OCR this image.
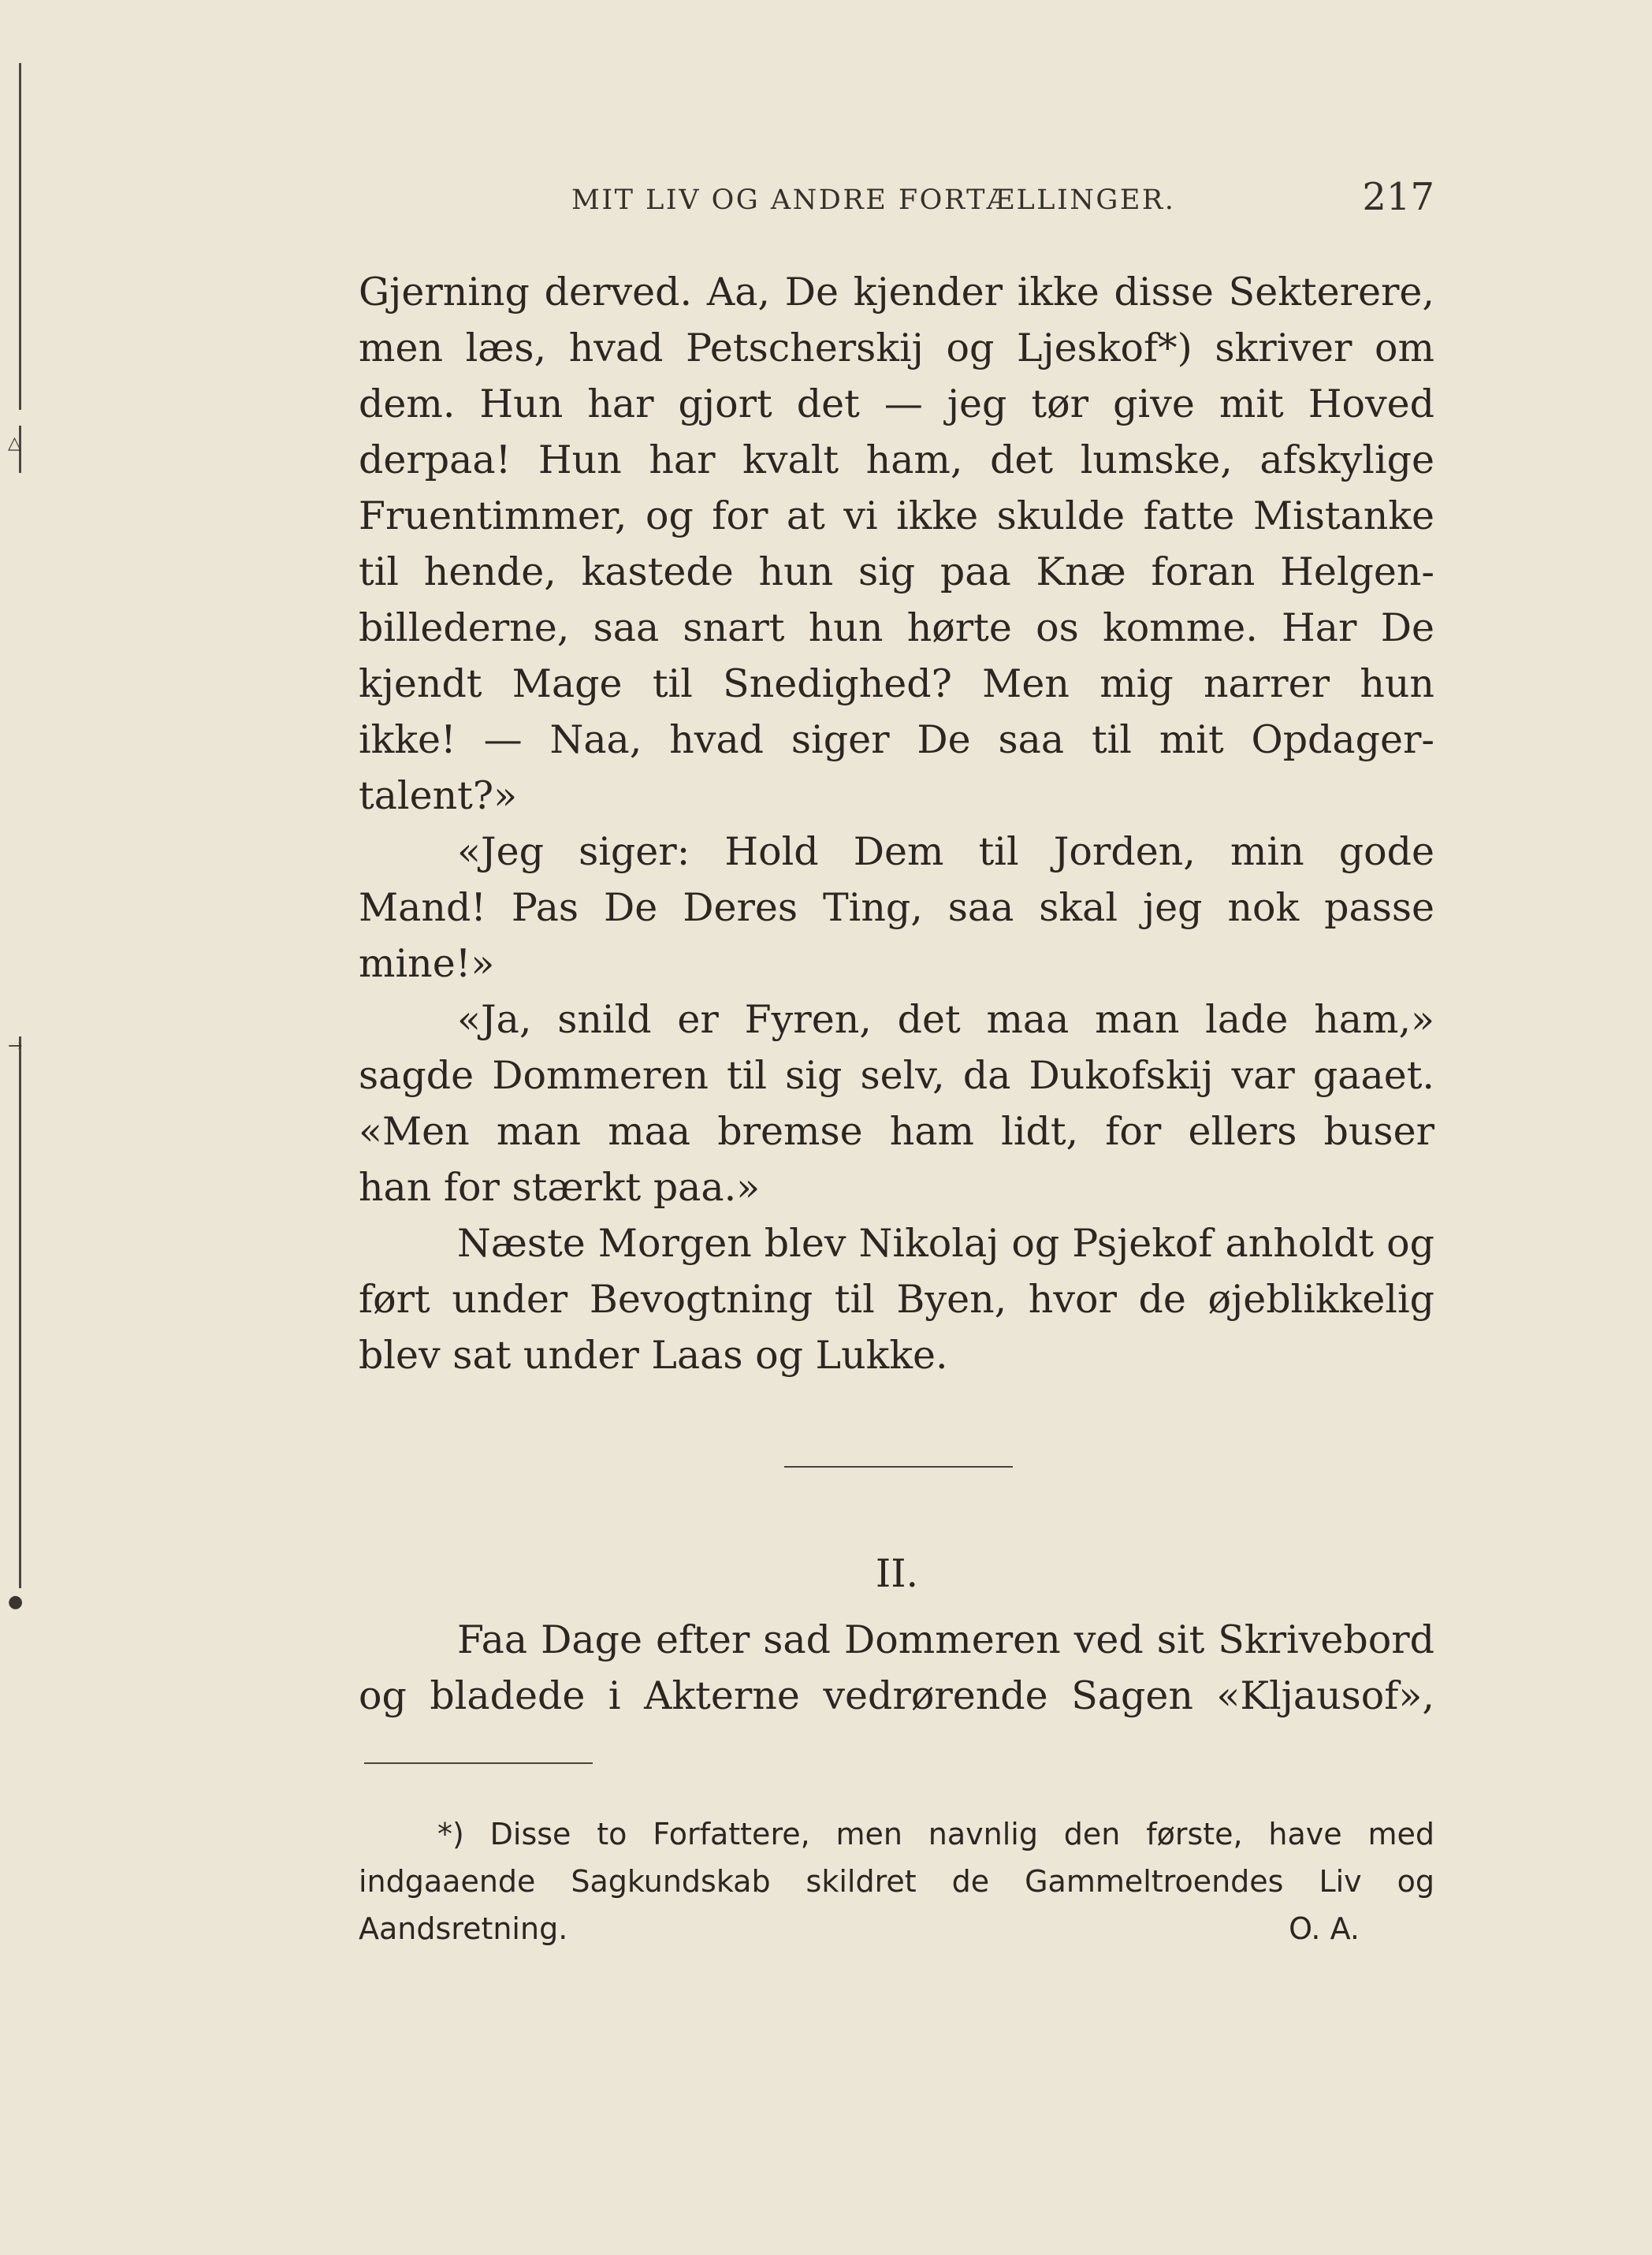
△
→
●
MIT LIV OG ANDRE FORTÆLLINGER.	217
Gjerning derved. Aa, De kjender ikke disse Sekterere,
men læs, hvad Petscherskij og Ljeskof*) skriver om
dem. Hun har gjort det — jeg tør give mit Hoved
derpaa! Hun har kvalt ham, det lumske, afskylige
Fruentimmer, og for at vi ikke skulde fatte Mistanke
til hende, kastede hun sig paa Knæ foran Helgen-
billederne, saa snart hun hørte os komme. Har De
kjendt Mage til Snedighed? Men mig narrer hun
ikke! — Naa, hvad siger De saa til mit Opdager-
talent?»
«Jeg siger: Hold Dem til Jorden, min gode
Mand! Pas De Deres Ting, saa skal jeg nok passe
mine!»
«Ja, snild er Fyren, det maa man lade ham,»
sagde Dommeren til sig selv, da Dukofskij var gaaet.
«Men man maa bremse ham lidt, for ellers buser
han for stærkt paa.»
Næste Morgen blev Nikolaj og Psjekof anholdt og
ført under Bevogtning til Byen, hvor de øjeblikkelig
blev sat under Laas og Lukke.
II.
Faa Dage efter sad Dommeren ved sit Skrivebord
og bladede i Akterne vedrørende Sagen «Kljausof»,
*) Disse to Forfattere, men navnlig den første, have med
indgaaende Sagkundskab skildret de Gammeltroendes Liv og
Aandsretning.	O. A.
